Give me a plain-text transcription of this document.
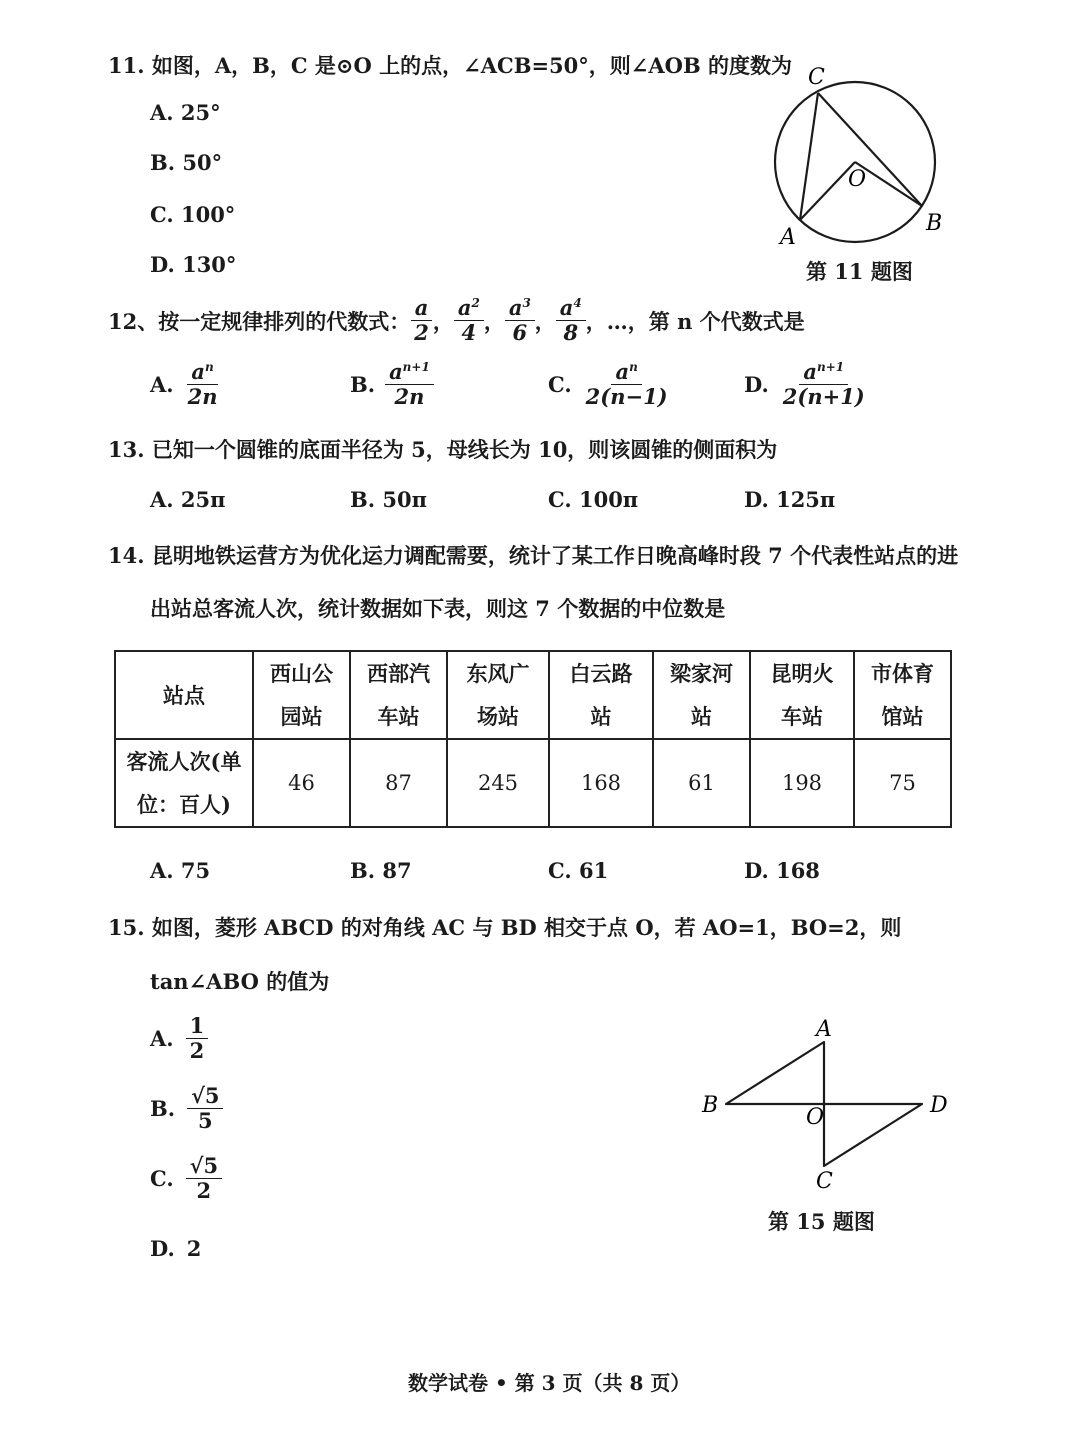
11. 如图，A，B，C 是⊙O 上的点，∠ACB=50°，则∠AOB 的度数为
A. 25°
B. 50°
C. 100°
D. 130°
C
O
A
B
第 11 题图
12、按一定规律排列的代数式： $\frac{a}{2}$ ， $\frac{a^2}{4}$ ， $\frac{a^3}{6}$ ， $\frac{a^4}{8}$ ，…，第 n 个代数式是
A. $\frac{a^n}{2n}$	B. $\frac{a^{n+1}}{2n}$	C. $\frac{a^n}{2(n-1)}$	D. $\frac{a^{n+1}}{2(n+1)}$
13. 已知一个圆锥的底面半径为 5，母线长为 10，则该圆锥的侧面积为
A. 25π	B. 50π	C. 100π	D. 125π
14. 昆明地铁运营方为优化运力调配需要，统计了某工作日晚高峰时段 7 个代表性站点的进
出站总客流人次，统计数据如下表，则这 7 个数据的中位数是
站点	西山公园站	西部汽车站	东风广场站	白云路站	梁家河站	昆明火车站	市体育馆站
客流人次(单位：百人)	46	87	245	168	61	198	75
A. 75	B. 87	C. 61	D. 168
15. 如图，菱形 ABCD 的对角线 AC 与 BD 相交于点 O，若 AO=1，BO=2，则
tan∠ABO 的值为
A. $\frac{1}{2}$
B. $\frac{√5}{5}$
C. $\frac{√5}{2}$
D. 2
A
B
C
D
O
第 15 题图
数学试卷 • 第 3 页（共 8 页）
